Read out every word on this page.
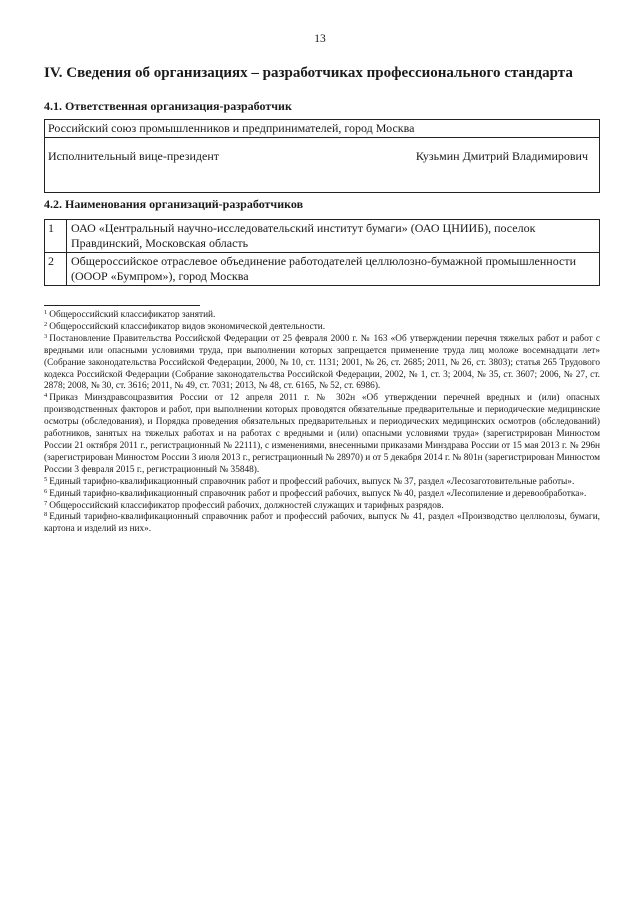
13
IV. Сведения об организациях – разработчиках профессионального стандарта
4.1. Ответственная организация-разработчик
Российский союз промышленников и предпринимателей, город Москва

Исполнительный вице-президент	Кузьмин Дмитрий Владимирович
4.2. Наименования организаций-разработчиков
1	ОАО «Центральный научно-исследовательский институт бумаги» (ОАО ЦНИИБ), поселок Правдинский, Московская область
2	Общероссийское отраслевое объединение работодателей целлюлозно-бумажной промышленности (ОООР «Бумпром»), город Москва

$^1$ Общероссийский классификатор занятий.

$^2$ Общероссийский классификатор видов экономической деятельности.

$^3$ Постановление Правительства Российской Федерации от 25 февраля 2000 г. № 163 «Об утверждении перечня тяжелых работ и работ с вредными или опасными условиями труда, при выполнении которых запрещается применение труда лиц моложе восемнадцати лет» (Собрание законодательства Российской Федерации, 2000, № 10, ст. 1131; 2001, № 26, ст. 2685; 2011, № 26, ст. 3803); статья 265 Трудового кодекса Российской Федерации (Собрание законодательства Российской Федерации, 2002, № 1, ст. 3; 2004, № 35, ст. 3607; 2006, № 27, ст. 2878; 2008, № 30, ст. 3616; 2011, № 49, ст. 7031; 2013, № 48, ст. 6165, № 52, ст. 6986).

$^4$ Приказ Минздравсоцразвития России от 12 апреля 2011 г. № 302н «Об утверждении перечней вредных и (или) опасных производственных факторов и работ, при выполнении которых проводятся обязательные предварительные и периодические медицинские осмотры (обследования), и Порядка проведения обязательных предварительных и периодических медицинских осмотров (обследований) работников, занятых на тяжелых работах и на работах с вредными и (или) опасными условиями труда» (зарегистрирован Минюстом России 21 октября 2011 г., регистрационный № 22111), с изменениями, внесенными приказами Минздрава России от 15 мая 2013 г. № 296н (зарегистрирован Минюстом России 3 июля 2013 г., регистрационный № 28970) и от 5 декабря 2014 г. № 801н (зарегистрирован Минюстом России 3 февраля 2015 г., регистрационный № 35848).

$^5$ Единый тарифно-квалификационный справочник работ и профессий рабочих, выпуск № 37, раздел «Лесозаготовительные работы».

$^6$ Единый тарифно-квалификационный справочник работ и профессий рабочих, выпуск № 40, раздел «Лесопиление и деревообработка».

$^7$ Общероссийский классификатор профессий рабочих, должностей служащих и тарифных разрядов.

$^8$ Единый тарифно-квалификационный справочник работ и профессий рабочих, выпуск № 41, раздел «Производство целлюлозы, бумаги, картона и изделий из них».
